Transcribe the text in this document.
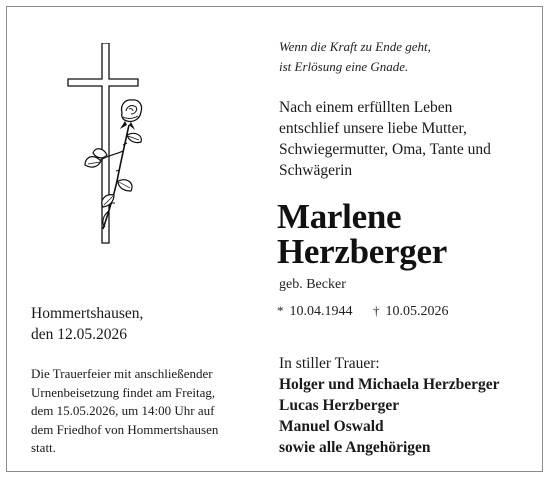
Wenn die Kraft zu Ende geht,
ist Erlösung eine Gnade.
Nach einem erfüllten Leben
entschlief unsere liebe Mutter,
Schwiegermutter, Oma, Tante und
Schwägerin
Marlene
Herzberger
geb. Becker
* 10.04.1944 † 10.05.2026
Hommertshausen,
den 12.05.2026
Die Trauerfeier mit anschließender
Urnenbeisetzung findet am Freitag,
dem 15.05.2026, um 14:00 Uhr auf
dem Friedhof von Hommertshausen
statt.
In stiller Trauer:
Holger und Michaela Herzberger
Lucas Herzberger
Manuel Oswald
sowie alle Angehörigen
